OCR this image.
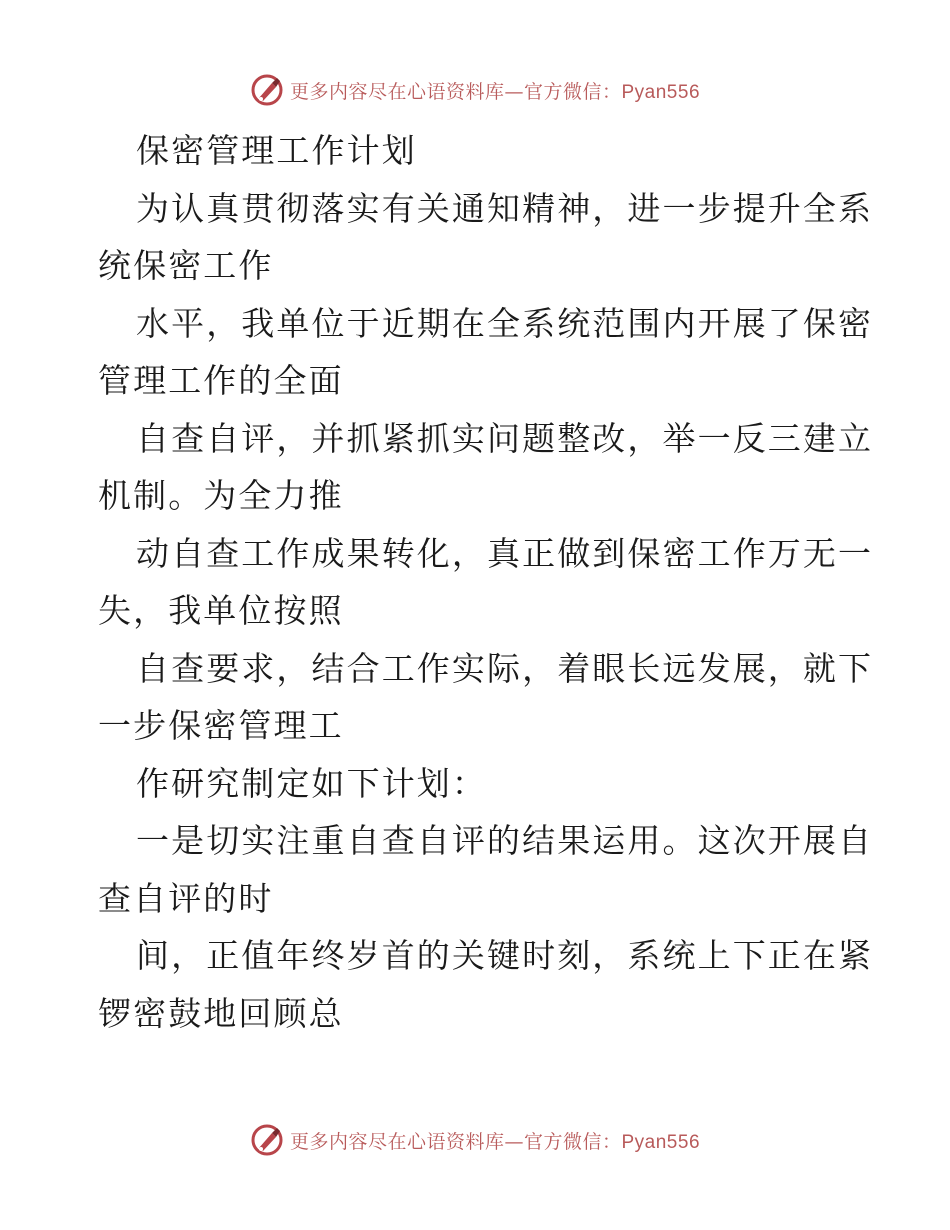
更多内容尽在心语资料库—官方微信：Pyan556
保密管理工作计划
为认真贯彻落实有关通知精神，进一步提升全系
统保密工作
水平，我单位于近期在全系统范围内开展了保密
管理工作的全面
自查自评，并抓紧抓实问题整改，举一反三建立
机制。为全力推
动自查工作成果转化，真正做到保密工作万无一
失，我单位按照
自查要求，结合工作实际，着眼长远发展，就下
一步保密管理工
作研究制定如下计划：
一是切实注重自查自评的结果运用。这次开展自
查自评的时
间，正值年终岁首的关键时刻，系统上下正在紧
锣密鼓地回顾总
更多内容尽在心语资料库—官方微信：Pyan556
